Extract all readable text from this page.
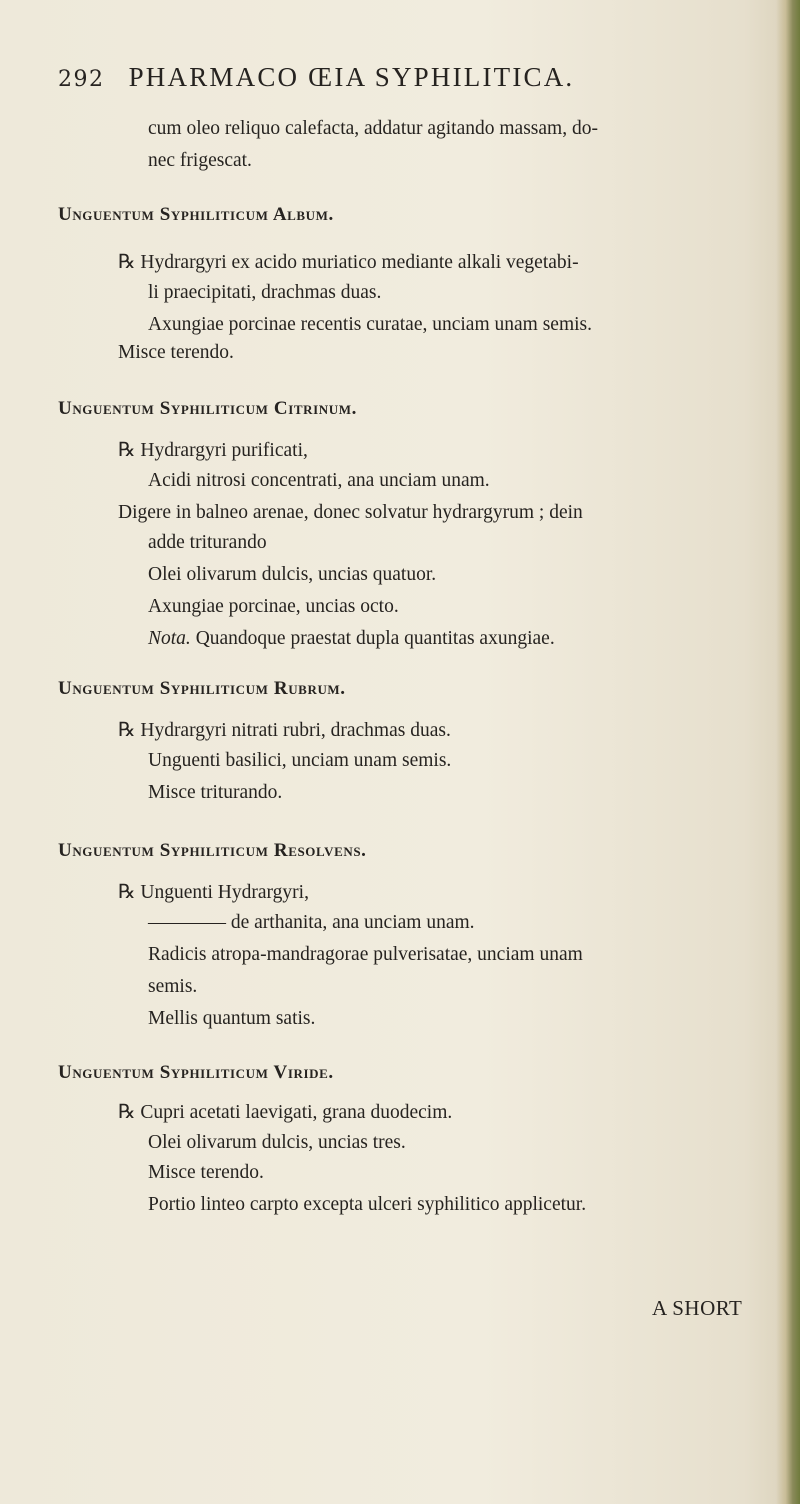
292 PHARMACO ŒIA SYPHILITICA.
cum oleo reliquo calefacta, addatur agitando massam, do-
nec frigescat.
Unguentum Syphiliticum Album.
℞ Hydrargyri ex acido muriatico mediante alkali vegetabi-
li praecipitati, drachmas duas.
Axungiae porcinae recentis curatae, unciam unam semis.
Misce terendo.
Unguentum Syphiliticum Citrinum.
℞ Hydrargyri purificati,
Acidi nitrosi concentrati, ana unciam unam.
Digere in balneo arenae, donec solvatur hydrargyrum ; dein
adde triturando
Olei olivarum dulcis, uncias quatuor.
Axungiae porcinae, uncias octo.
Nota. Quandoque praestat dupla quantitas axungiae.
Unguentum Syphiliticum Rubrum.
℞ Hydrargyri nitrati rubri, drachmas duas.
Unguenti basilici, unciam unam semis.
Misce triturando.
Unguentum Syphiliticum Resolvens.
℞ Unguenti Hydrargyri,
———— de arthanita, ana unciam unam.
Radicis atropa-mandragorae pulverisatae, unciam unam
semis.
Mellis quantum satis.
Unguentum Syphiliticum Viride.
℞ Cupri acetati laevigati, grana duodecim.
Olei olivarum dulcis, uncias tres.
Misce terendo.
Portio linteo carpto excepta ulceri syphilitico applicetur.
A SHORT
